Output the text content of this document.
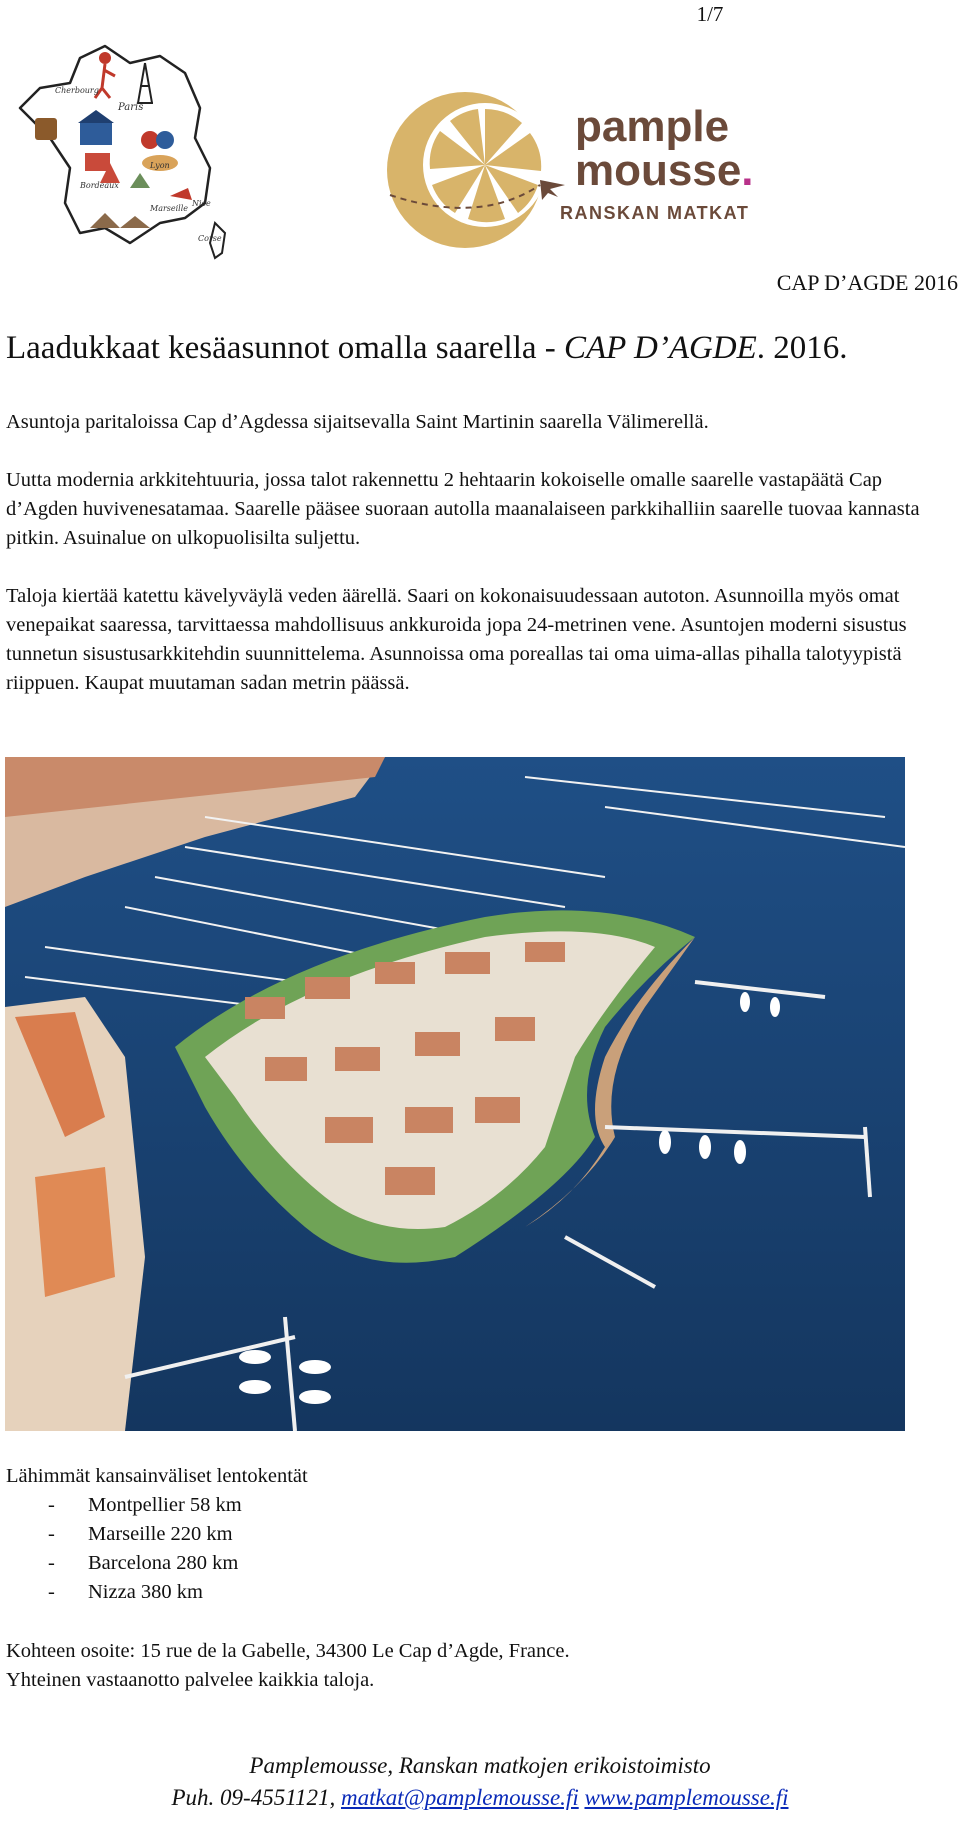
1/7
Cherbourg
Paris
Lyon
Bordeaux
Marseille
Nice
Corse
pample
mousse.
RANSKAN MATKAT
CAP D’AGDE 2016
Laadukkaat kesäasunnot omalla saarella - CAP D’AGDE. 2016.
Asuntoja paritaloissa Cap d’Agdessa sijaitsevalla Saint Martinin saarella Välimerellä.
Uutta modernia arkkitehtuuria, jossa talot rakennettu 2 hehtaarin kokoiselle omalle saarelle vastapäätä Cap d’Agden huvivenesatamaa. Saarelle pääsee suoraan autolla maanalaiseen parkkihalliin saarelle tuovaa kannasta pitkin. Asuinalue on ulkopuolisilta suljettu.
Taloja kiertää katettu kävelyväylä veden äärellä. Saari on kokonaisuudessaan autoton. Asunnoilla myös omat venepaikat saaressa, tarvittaessa mahdollisuus ankkuroida jopa 24-metrinen vene. Asuntojen moderni sisustus tunnetun sisustusarkkitehdin suunnittelema. Asunnoissa oma poreallas tai oma uima-allas pihalla talotyypistä riippuen. Kaupat muutaman sadan metrin päässä.
Lähimmät kansainväliset lentokentät
- Montpellier 58 km
- Marseille 220 km
- Barcelona 280 km
- Nizza 380 km
Kohteen osoite: 15 rue de la Gabelle, 34300 Le Cap d’Agde, France.
Yhteinen vastaanotto palvelee kaikkia taloja.
Pamplemousse, Ranskan matkojen erikoistoimisto
Puh. 09-4551121, matkat@pamplemousse.fi www.pamplemousse.fi
